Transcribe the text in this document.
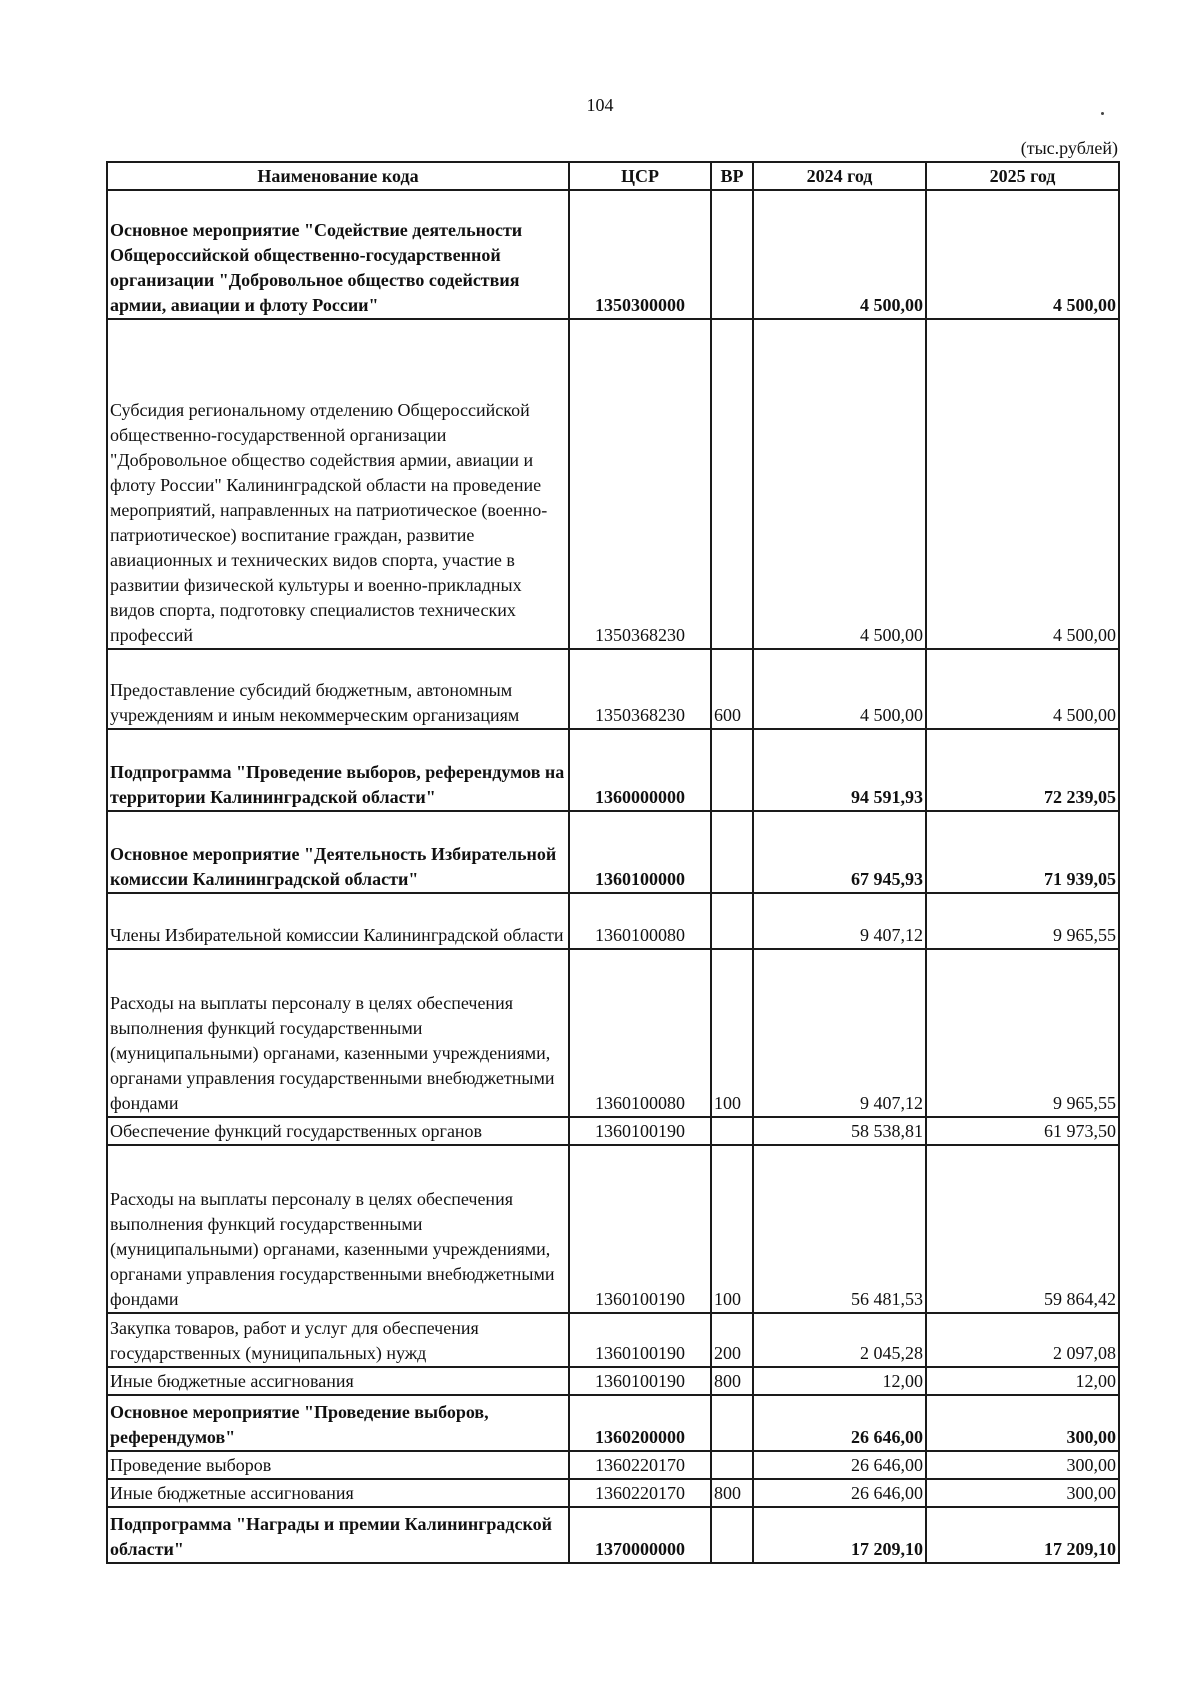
104
(тыс.рублей)
Наименование кода	ЦСР	ВР	2024 год	2025 год
Основное мероприятие "Содействие деятельности Общероссийской общественно-государственной организации "Добровольное общество содействия армии, авиации и флоту России"	1350300000		4 500,00	4 500,00
Субсидия региональному отделению Общероссийской общественно-государственной организации "Добровольное общество содействия армии, авиации и флоту России" Калининградской области на проведение мероприятий, направленных на патриотическое (военно-патриотическое) воспитание граждан, развитие авиационных и технических видов спорта, участие в развитии физической культуры и военно-прикладных видов спорта, подготовку специалистов технических профессий	1350368230		4 500,00	4 500,00
Предоставление субсидий бюджетным, автономным учреждениям и иным некоммерческим организациям	1350368230	600	4 500,00	4 500,00
Подпрограмма "Проведение выборов, референдумов на территории Калининградской области"	1360000000		94 591,93	72 239,05
Основное мероприятие "Деятельность Избирательной комиссии Калининградской области"	1360100000		67 945,93	71 939,05
Члены Избирательной комиссии Калининградской области	1360100080		9 407,12	9 965,55
Расходы на выплаты персоналу в целях обеспечения выполнения функций государственными (муниципальными) органами, казенными учреждениями, органами управления государственными внебюджетными фондами	1360100080	100	9 407,12	9 965,55
Обеспечение функций государственных органов	1360100190		58 538,81	61 973,50
Расходы на выплаты персоналу в целях обеспечения выполнения функций государственными (муниципальными) органами, казенными учреждениями, органами управления государственными внебюджетными фондами	1360100190	100	56 481,53	59 864,42
Закупка товаров, работ и услуг для обеспечения государственных (муниципальных) нужд	1360100190	200	2 045,28	2 097,08
Иные бюджетные ассигнования	1360100190	800	12,00	12,00
Основное мероприятие "Проведение выборов, референдумов"	1360200000		26 646,00	300,00
Проведение выборов	1360220170		26 646,00	300,00
Иные бюджетные ассигнования	1360220170	800	26 646,00	300,00
Подпрограмма "Награды и премии Калининградской области"	1370000000		17 209,10	17 209,10
